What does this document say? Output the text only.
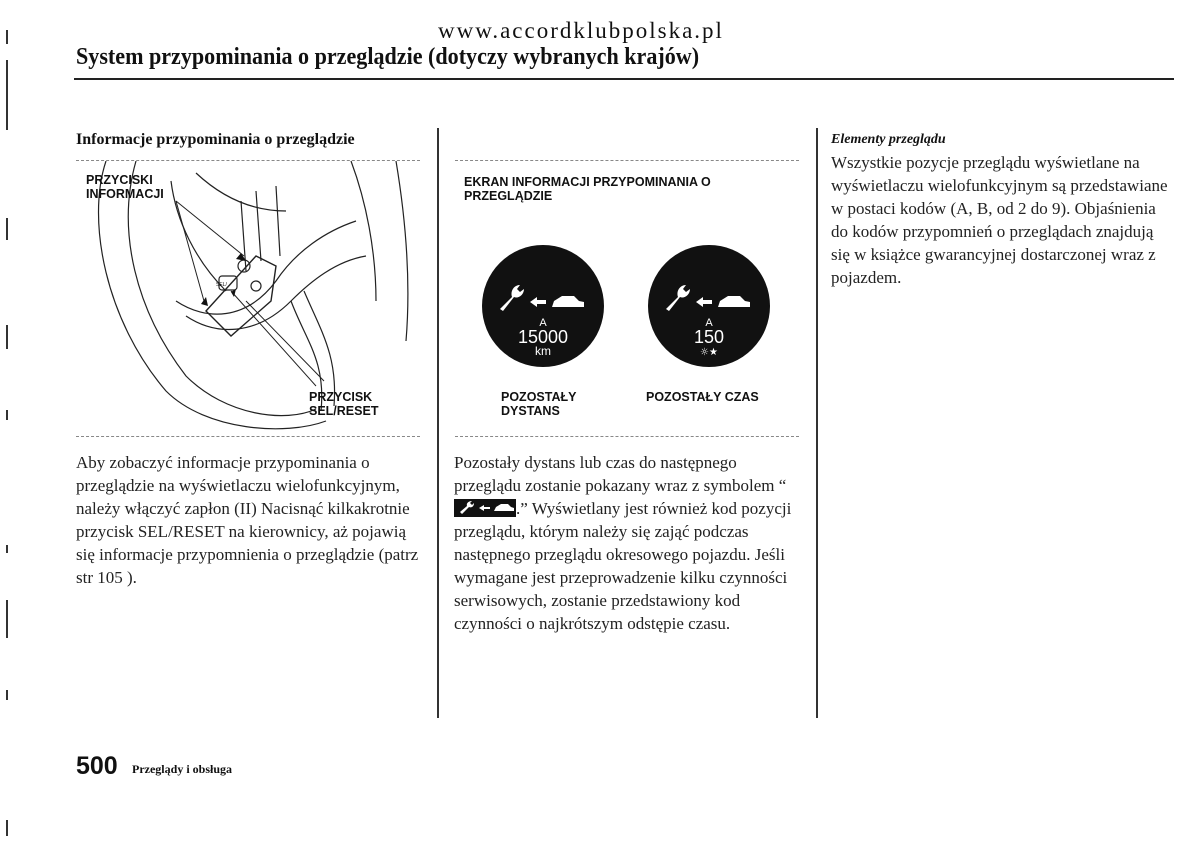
www.accordklubpolska.pl
System przypominania o przeglądzie (dotyczy wybranych krajów)
Informacje przypominania o przeglądzie
SEL/
PRZYCISKI
INFORMACJI
PRZYCISK
SEL/RESET
Aby zobaczyć informacje przypominania o przeglądzie na wyświetlaczu wielofunkcyjnym, należy włączyć zapłon (II) Nacisnąć kilkakrotnie przycisk SEL/RESET na kierownicy, aż pojawią się informacje przypomnienia o przeglądzie (patrz str 105 ).
EKRAN INFORMACJI PRZYPOMINANIA O
PRZEGLĄDZIE
A
15000
km
POZOSTAŁY
DYSTANS
A
150
☼★
POZOSTAŁY CZAS
Pozostały dystans lub czas do następnego przeglądu zostanie pokazany wraz z symbolem “.” Wyświetlany jest również kod pozycji przeglądu, którym należy się zająć podczas następnego przeglądu okresowego pojazdu. Jeśli wymagane jest przeprowadzenie kilku czynności serwisowych, zostanie przedstawiony kod czynności o najkrótszym odstępie czasu.
Elementy przeglądu
Wszystkie pozycje przeglądu wyświetlane na wyświetlaczu wielofunkcyjnym są przedstawiane w postaci kodów (A, B, od 2 do 9). Objaśnienia do kodów przypomnień o przeglądach znajdują się w książce gwarancyjnej dostarczonej wraz z pojazdem.
500 Przeglądy i obsługa
